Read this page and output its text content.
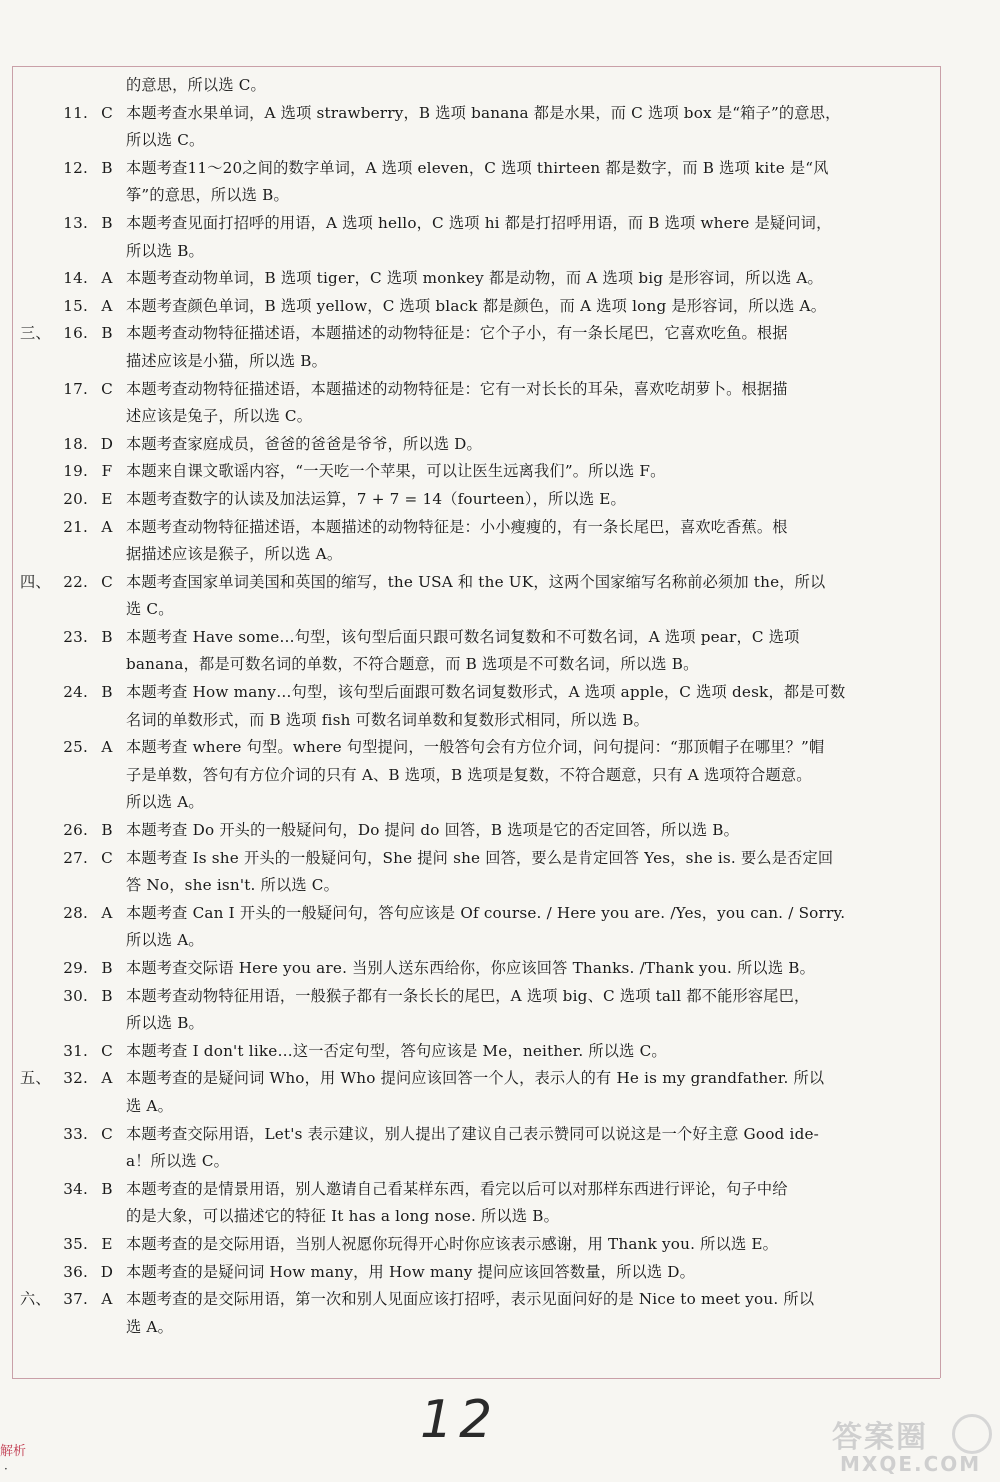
的意思，所以选 C。
11. C 本题考查水果单词，A 选项 strawberry，B 选项 banana 都是水果，而 C 选项 box 是“箱子”的意思，
所以选 C。
12. B 本题考查11～20之间的数字单词，A 选项 eleven，C 选项 thirteen 都是数字，而 B 选项 kite 是“风
筝”的意思，所以选 B。
13. B 本题考查见面打招呼的用语，A 选项 hello，C 选项 hi 都是打招呼用语，而 B 选项 where 是疑问词，
所以选 B。
14. A 本题考查动物单词，B 选项 tiger，C 选项 monkey 都是动物，而 A 选项 big 是形容词，所以选 A。
15. A 本题考查颜色单词，B 选项 yellow，C 选项 black 都是颜色，而 A 选项 long 是形容词，所以选 A。
三、 16. B 本题考查动物特征描述语，本题描述的动物特征是：它个子小，有一条长尾巴，它喜欢吃鱼。根据
描述应该是小猫，所以选 B。
17. C 本题考查动物特征描述语，本题描述的动物特征是：它有一对长长的耳朵，喜欢吃胡萝卜。根据描
述应该是兔子，所以选 C。
18. D 本题考查家庭成员，爸爸的爸爸是爷爷，所以选 D。
19. F 本题来自课文歌谣内容，“一天吃一个苹果，可以让医生远离我们”。所以选 F。
20. E 本题考查数字的认读及加法运算，7 + 7 = 14（fourteen），所以选 E。
21. A 本题考查动物特征描述语，本题描述的动物特征是：小小瘦瘦的，有一条长尾巴，喜欢吃香蕉。根
据描述应该是猴子，所以选 A。
四、 22. C 本题考查国家单词美国和英国的缩写，the USA 和 the UK，这两个国家缩写名称前必须加 the，所以
选 C。
23. B 本题考查 Have some…句型，该句型后面只跟可数名词复数和不可数名词，A 选项 pear，C 选项
banana，都是可数名词的单数，不符合题意，而 B 选项是不可数名词，所以选 B。
24. B 本题考查 How many…句型，该句型后面跟可数名词复数形式，A 选项 apple，C 选项 desk，都是可数
名词的单数形式，而 B 选项 fish 可数名词单数和复数形式相同，所以选 B。
25. A 本题考查 where 句型。where 句型提问，一般答句会有方位介词，问句提问：“那顶帽子在哪里？”帽
子是单数，答句有方位介词的只有 A、B 选项，B 选项是复数，不符合题意，只有 A 选项符合题意。
所以选 A。
26. B 本题考查 Do 开头的一般疑问句，Do 提问 do 回答，B 选项是它的否定回答，所以选 B。
27. C 本题考查 Is she 开头的一般疑问句，She 提问 she 回答，要么是肯定回答 Yes，she is. 要么是否定回
答 No，she isn't. 所以选 C。
28. A 本题考查 Can I 开头的一般疑问句，答句应该是 Of course. / Here you are. /Yes，you can. / Sorry.
所以选 A。
29. B 本题考查交际语 Here you are. 当别人送东西给你，你应该回答 Thanks. /Thank you. 所以选 B。
30. B 本题考查动物特征用语，一般猴子都有一条长长的尾巴，A 选项 big、C 选项 tall 都不能形容尾巴，
所以选 B。
31. C 本题考查 I don't like…这一否定句型，答句应该是 Me，neither. 所以选 C。
五、 32. A 本题考查的是疑问词 Who，用 Who 提问应该回答一个人，表示人的有 He is my grandfather. 所以
选 A。
33. C 本题考查交际用语，Let's 表示建议，别人提出了建议自己表示赞同可以说这是一个好主意 Good ide-
a！所以选 C。
34. B 本题考查的是情景用语，别人邀请自己看某样东西，看完以后可以对那样东西进行评论，句子中给
的是大象，可以描述它的特征 It has a long nose. 所以选 B。
35. E 本题考查的是交际用语，当别人祝愿你玩得开心时你应该表示感谢，用 Thank you. 所以选 E。
36. D 本题考查的是疑问词 How many，用 How many 提问应该回答数量，所以选 D。
六、 37. A 本题考查的是交际用语，第一次和别人见面应该打招呼，表示见面问好的是 Nice to meet you. 所以
选 A。
解析
·
12	答案圈
MXQE.COM
